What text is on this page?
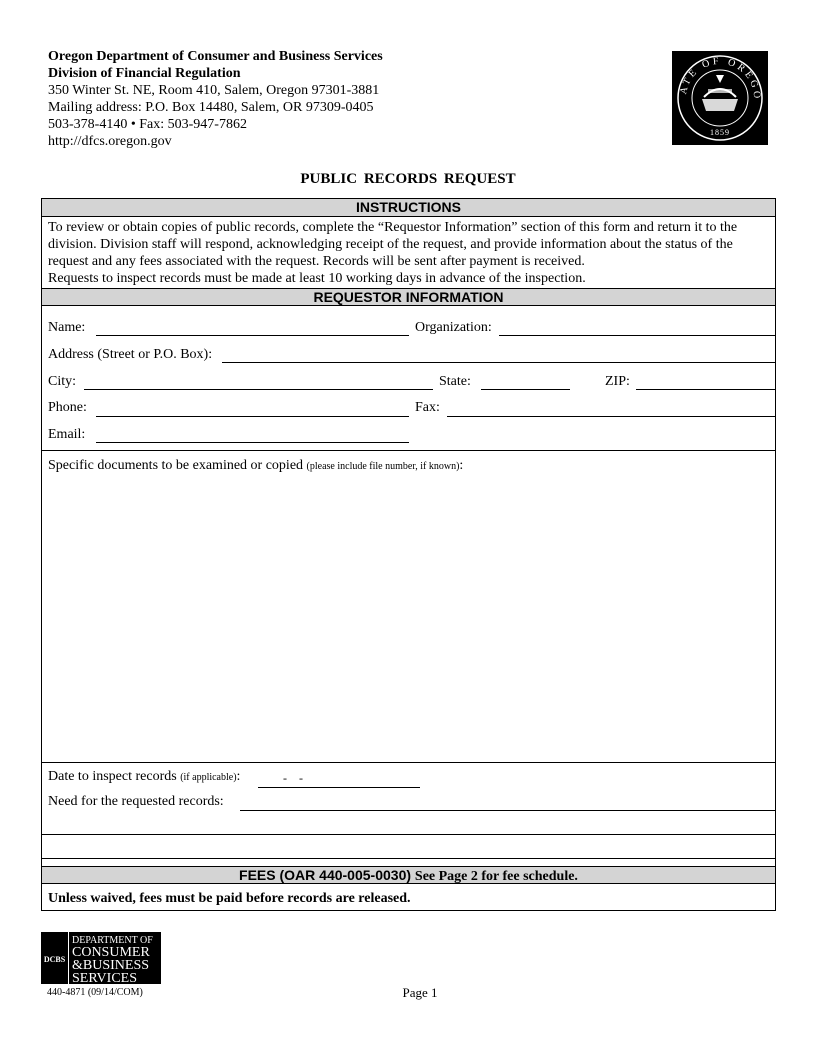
Oregon Department of Consumer and Business Services
Division of Financial Regulation
350 Winter St. NE, Room 410, Salem, Oregon 97301-3881
Mailing address: P.O. Box 14480, Salem, OR 97309-0405
503-378-4140 • Fax: 503-947-7862
http://dfcs.oregon.gov
ATE OF OREGO
1859
PUBLIC RECORDS REQUEST
INSTRUCTIONS

To review or obtain copies of public records, complete the “Requestor Information” section of this form and return it to the division. Division staff will respond, acknowledging receipt of the request, and provide information about the status of the request and any fees associated with the request. Records will be sent after payment is received.

Requests to inspect records must be made at least 10 working days in advance of the inspection.

REQUESTOR INFORMATION
Name:	Organization:
Address (Street or P.O. Box):
City:	State:	ZIP:
Phone:	Fax:
Email:
Specific documents to be examined or copied (please include file number, if known):
Date to inspect records (if applicable):	-    -
Need for the requested records:
FEES (OAR 440-005-0030) See Page 2 for fee schedule.
Unless waived, fees must be paid before records are released.
DCBS
DEPARTMENT OF
CONSUMER
&BUSINESS
SERVICES
440-4871 (09/14/COM)	Page 1
